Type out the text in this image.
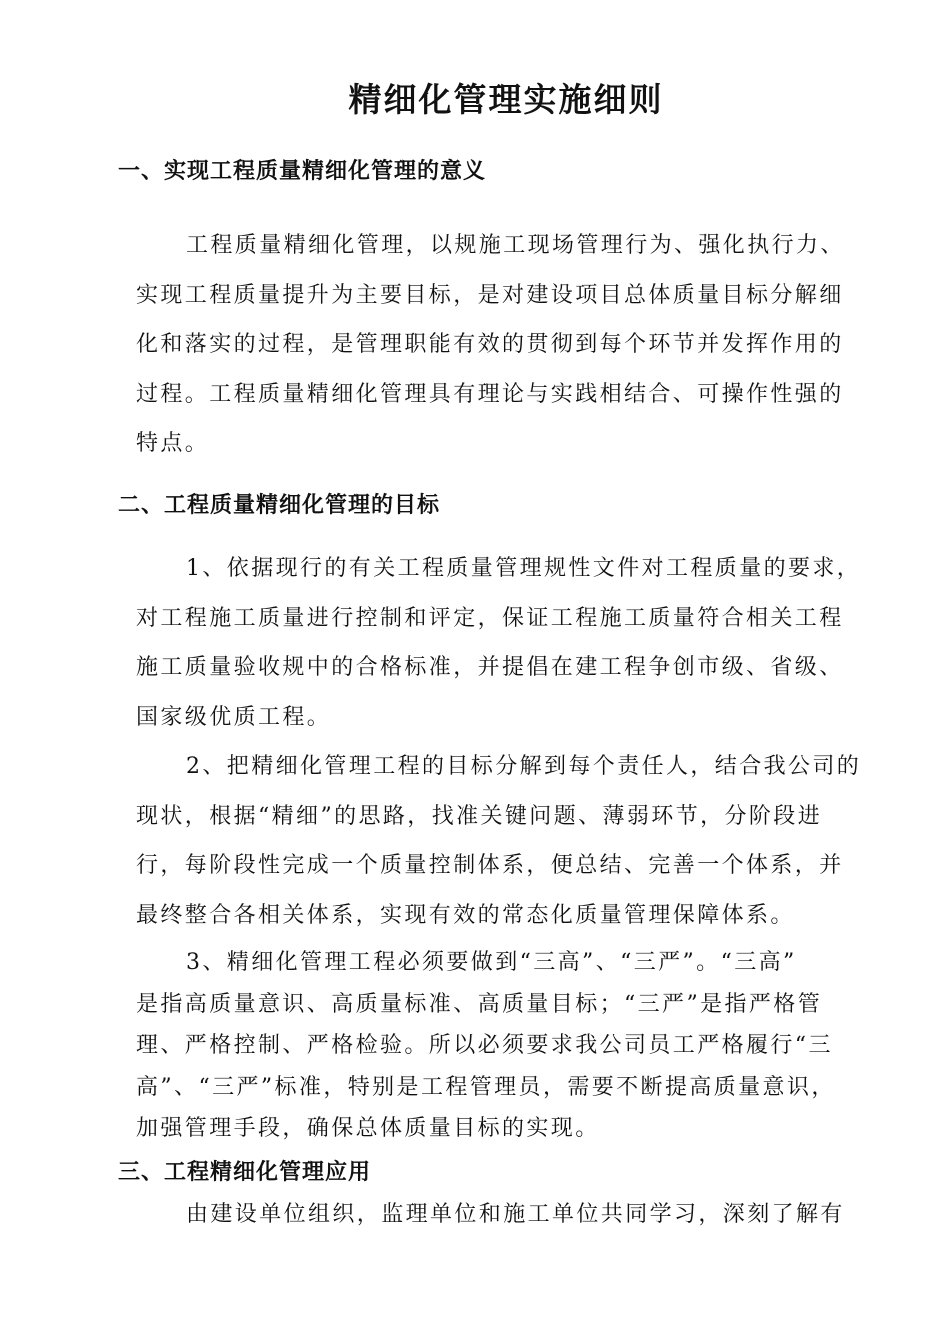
精细化管理实施细则
一、实现工程质量精细化管理的意义
工程质量精细化管理，以规施工现场管理行为、强化执行力、
实现工程质量提升为主要目标，是对建设项目总体质量目标分解细
化和落实的过程，是管理职能有效的贯彻到每个环节并发挥作用的
过程。工程质量精细化管理具有理论与实践相结合、可操作性强的
特点。
二、工程质量精细化管理的目标
1、依据现行的有关工程质量管理规性文件对工程质量的要求，
对工程施工质量进行控制和评定，保证工程施工质量符合相关工程
施工质量验收规中的合格标准，并提倡在建工程争创市级、省级、
国家级优质工程。
2、把精细化管理工程的目标分解到每个责任人，结合我公司的
现状，根据“精细”的思路，找准关键问题、薄弱环节，分阶段进
行，每阶段性完成一个质量控制体系，便总结、完善一个体系，并
最终整合各相关体系，实现有效的常态化质量管理保障体系。
3、精细化管理工程必须要做到“三高”、“三严”。“三高”
是指高质量意识、高质量标准、高质量目标；“三严”是指严格管
理、严格控制、严格检验。所以必须要求我公司员工严格履行“三
高”、“三严”标准，特别是工程管理员，需要不断提高质量意识，
加强管理手段，确保总体质量目标的实现。
三、工程精细化管理应用
由建设单位组织，监理单位和施工单位共同学习，深刻了解有
